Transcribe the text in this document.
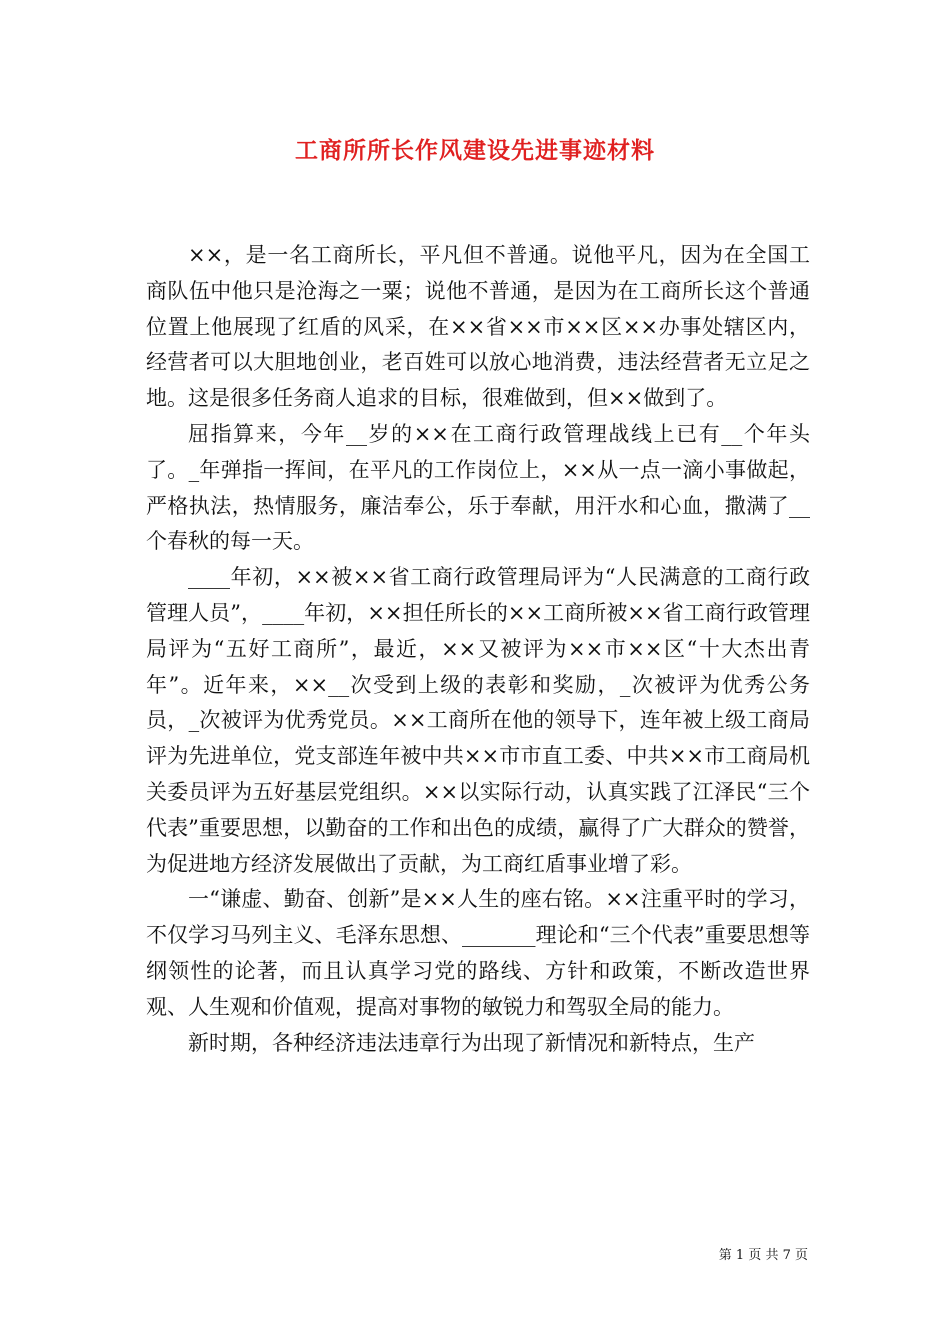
工商所所长作风建设先进事迹材料

××，是一名工商所长，平凡但不普通。说他平凡，因为在全国工商队伍中他只是沧海之一粟；说他不普通，是因为在工商所长这个普通位置上他展现了红盾的风采，在××省××市××区××办事处辖区内，经营者可以大胆地创业，老百姓可以放心地消费，违法经营者无立足之地。这是很多任务商人追求的目标，很难做到，但××做到了。

屈指算来，今年__岁的××在工商行政管理战线上已有__个年头了。_年弹指一挥间，在平凡的工作岗位上，××从一点一滴小事做起，严格执法，热情服务，廉洁奉公，乐于奉献，用汗水和心血，撒满了__个春秋的每一天。

____年初，××被××省工商行政管理局评为“人民满意的工商行政管理人员”，____年初，××担任所长的××工商所被××省工商行政管理局评为“五好工商所”，最近，××又被评为××市××区“十大杰出青年”。近年来，××__次受到上级的表彰和奖励，_次被评为优秀公务员，_次被评为优秀党员。××工商所在他的领导下，连年被上级工商局评为先进单位，党支部连年被中共××市市直工委、中共××市工商局机关委员评为五好基层党组织。××以实际行动，认真实践了江泽民“三个代表”重要思想，以勤奋的工作和出色的成绩，赢得了广大群众的赞誉，为促进地方经济发展做出了贡献，为工商红盾事业增了彩。

一“谦虚、勤奋、创新”是××人生的座右铭。××注重平时的学习，不仅学习马列主义、毛泽东思想、_______理论和“三个代表”重要思想等纲领性的论著，而且认真学习党的路线、方针和政策，不断改造世界观、人生观和价值观，提高对事物的敏锐力和驾驭全局的能力。

新时期，各种经济违法违章行为出现了新情况和新特点，生产

第 1 页 共 7 页
